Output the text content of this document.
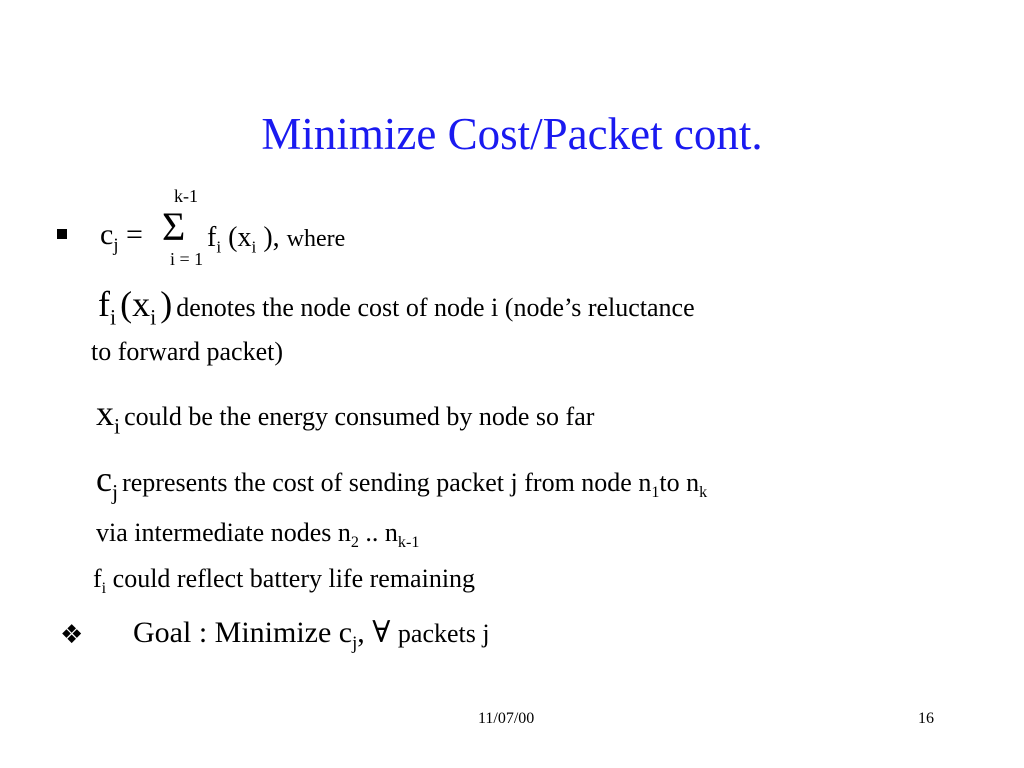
Minimize Cost/Packet cont.
$c_j$ =
k-1
Σ
i = 1
$f_i$ ($x_i$ ), where
$f_i$ ($x_i$ ) denotes the node cost of node i (node’s reluctance
to forward packet)
$x_i$ could be the energy consumed by node so far
$c_j$ represents the cost of sending packet j from node $n_1to$ $n_k$
via intermediate nodes $n_2$ .. $n_{k-1}$
$f_i$ could reflect battery life remaining
❖ Goal : Minimize $c_j$, ∀ packets j
11/07/00	16
